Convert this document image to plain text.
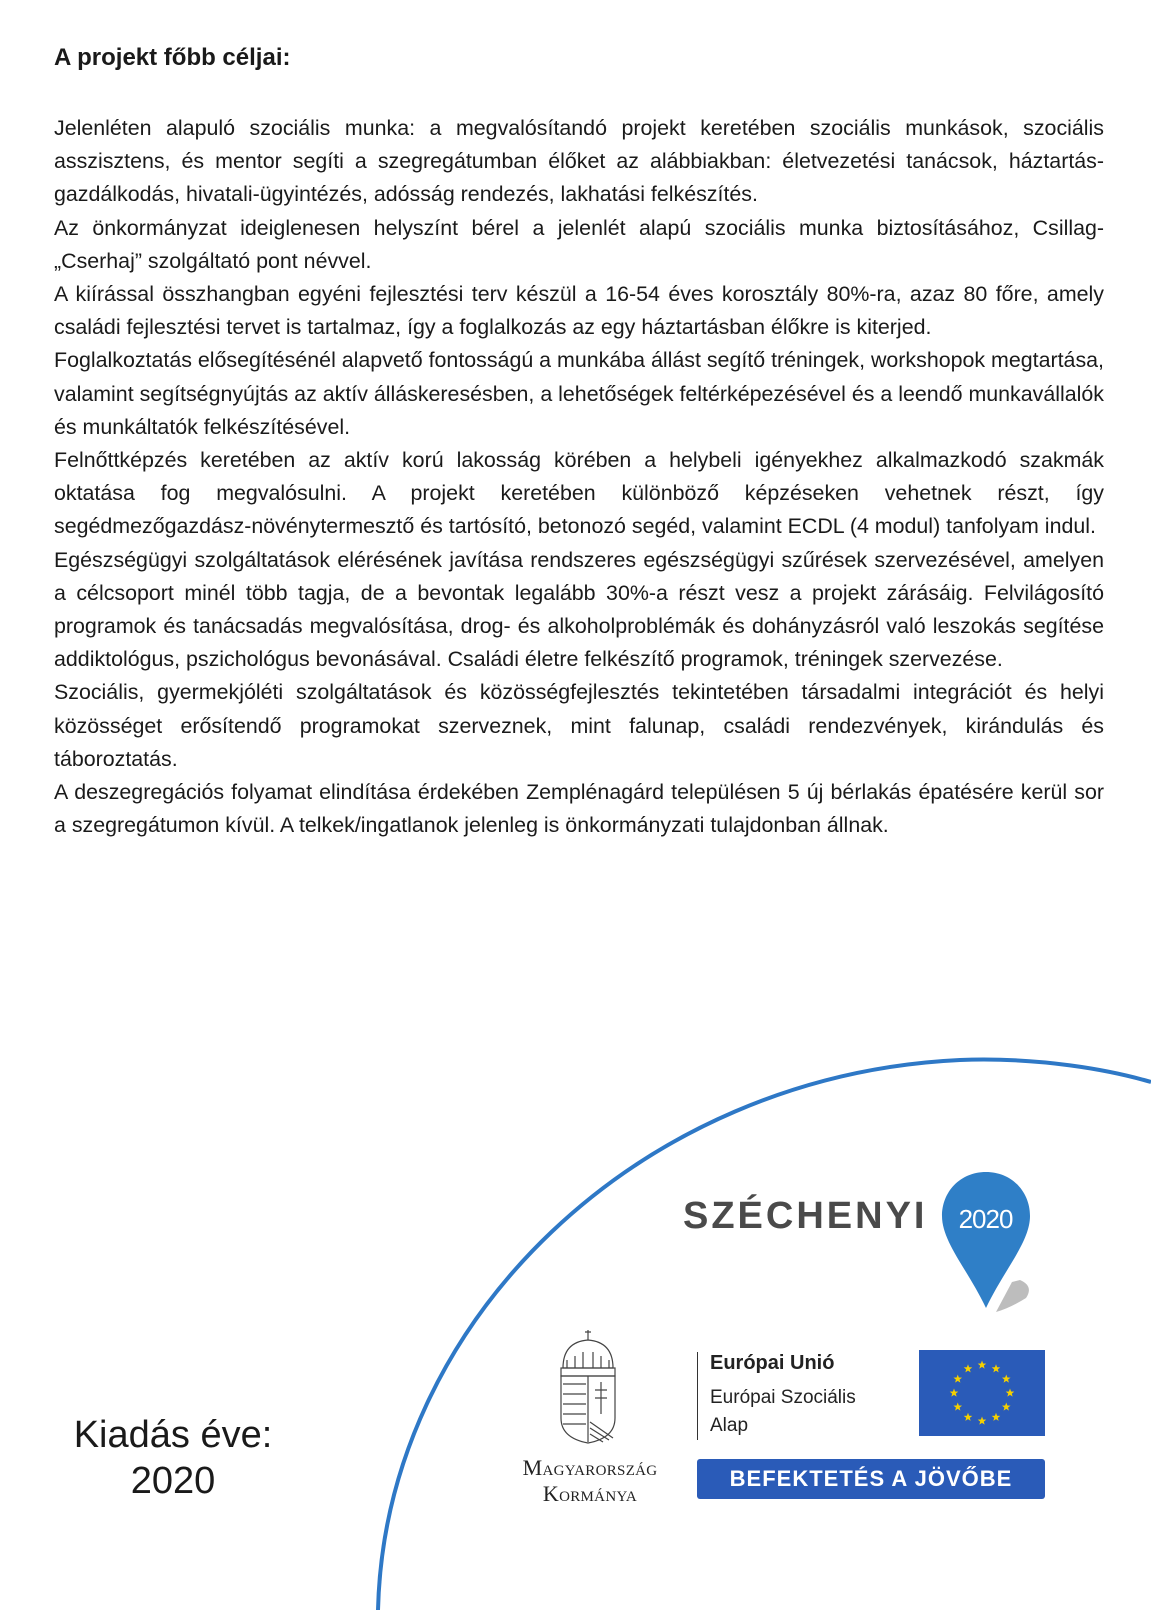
A projekt főbb céljai:

Jelenléten alapuló szociális munka: a megvalósítandó projekt keretében szociális munkások, szociális asszisztens, és mentor segíti a szegregátumban élőket az alábbiakban: életvezetési tanácsok, háztartás-gazdálkodás, hivatali-ügyintézés, adósság rendezés, lakhatási felkészítés.

Az önkormányzat ideiglenesen helyszínt bérel a jelenlét alapú szociális munka biztosításához, Csillag- „Cserhaj” szolgáltató pont névvel.

A kiírással összhangban egyéni fejlesztési terv készül a 16-54 éves korosztály 80%-ra, azaz 80 főre, amely családi fejlesztési tervet is tartalmaz, így a foglalkozás az egy háztartásban élőkre is kiterjed.

Foglalkoztatás elősegítésénél alapvető fontosságú a munkába állást segítő tréningek, workshopok megtartása, valamint segítségnyújtás az aktív álláskeresésben, a lehetőségek feltérképezésével és a leendő munkavállalók és munkáltatók felkészítésével.

Felnőttképzés keretében az aktív korú lakosság körében a helybeli igényekhez alkalmazkodó szakmák oktatása fog megvalósulni. A projekt keretében különböző képzéseken vehetnek részt, így segédmezőgazdász-növénytermesztő és tartósító, betonozó segéd, valamint ECDL (4 modul) tanfolyam indul.

Egészségügyi szolgáltatások elérésének javítása rendszeres egészségügyi szűrések szervezésével, amelyen a célcsoport minél több tagja, de a bevontak legalább 30%-a részt vesz a projekt zárásáig. Felvilágosító programok és tanácsadás megvalósítása, drog- és alkoholproblémák és dohányzásról való leszokás segítése addiktológus, pszichológus bevonásával. Családi életre felkészítő programok, tréningek szervezése.

Szociális, gyermekjóléti szolgáltatások és közösségfejlesztés tekintetében társadalmi integrációt és helyi közösséget erősítendő programokat szerveznek, mint falunap, családi rendezvények, kirándulás és táboroztatás.

A deszegregációs folyamat elindítása érdekében Zemplénagárd településen 5 új bérlakás épatésére kerül sor a szegregátumon kívül. A telkek/ingatlanok jelenleg is önkormányzati tulajdonban állnak.

SZÉCHENYI	2020
Magyarország
Kormánya
Európai Unió
Európai Szociális
Alap
BEFEKTETÉS A JÖVŐBE
Kiadás éve:
2020
